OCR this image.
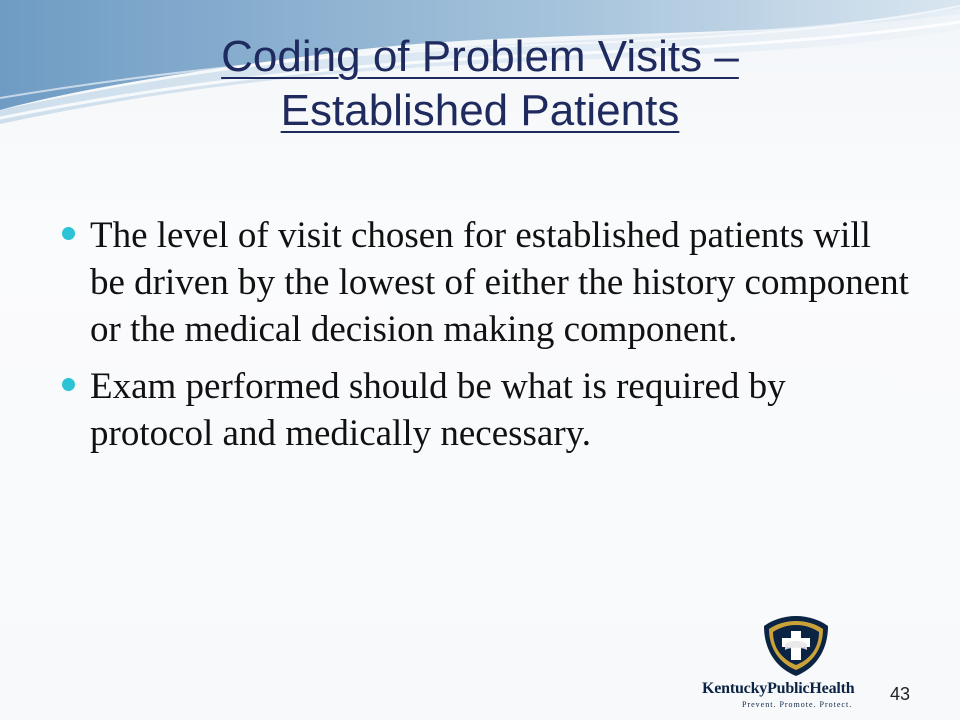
Coding of Problem Visits –
Established Patients
The level of visit chosen for established patients will be driven by the lowest of either the history component or the medical decision making component.
Exam performed should be what is required by protocol and medically necessary.
KentuckyPublicHealth
Prevent. Promote. Protect.
43
